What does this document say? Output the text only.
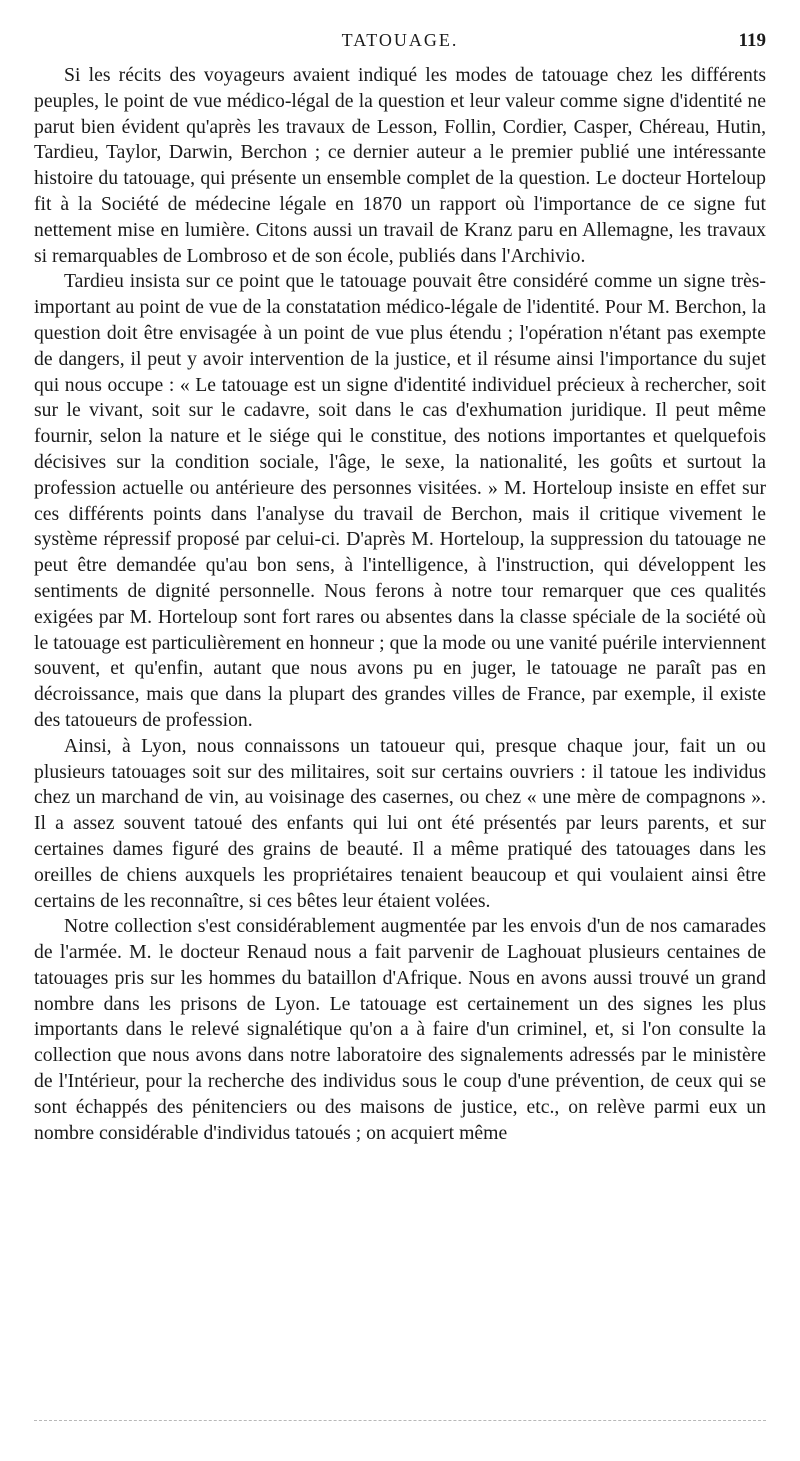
TATOUAGE.	119

Si les récits des voyageurs avaient indiqué les modes de tatouage chez les différents peuples, le point de vue médico-légal de la question et leur valeur comme signe d'identité ne parut bien évident qu'après les travaux de Lesson, Follin, Cordier, Casper, Chéreau, Hutin, Tardieu, Taylor, Darwin, Berchon ; ce dernier auteur a le premier publié une intéressante histoire du tatouage, qui présente un ensemble complet de la question. Le docteur Horteloup fit à la Société de médecine légale en 1870 un rapport où l'importance de ce signe fut nettement mise en lumière. Citons aussi un travail de Kranz paru en Allemagne, les travaux si remarquables de Lombroso et de son école, publiés dans l'Archivio.

Tardieu insista sur ce point que le tatouage pouvait être considéré comme un signe très-important au point de vue de la constatation médico-légale de l'identité. Pour M. Berchon, la question doit être envisagée à un point de vue plus étendu ; l'opération n'étant pas exempte de dangers, il peut y avoir intervention de la justice, et il résume ainsi l'importance du sujet qui nous occupe : « Le tatouage est un signe d'identité individuel précieux à rechercher, soit sur le vivant, soit sur le cadavre, soit dans le cas d'exhumation juridique. Il peut même fournir, selon la nature et le siége qui le constitue, des notions importantes et quelquefois décisives sur la condition sociale, l'âge, le sexe, la nationalité, les goûts et surtout la profession actuelle ou antérieure des personnes visitées. » M. Horteloup insiste en effet sur ces différents points dans l'analyse du travail de Berchon, mais il critique vivement le système répressif proposé par celui-ci. D'après M. Horteloup, la suppression du tatouage ne peut être demandée qu'au bon sens, à l'intelligence, à l'instruction, qui développent les sentiments de dignité personnelle. Nous ferons à notre tour remarquer que ces qualités exigées par M. Horteloup sont fort rares ou absentes dans la classe spéciale de la société où le tatouage est particulièrement en honneur ; que la mode ou une vanité puérile interviennent souvent, et qu'enfin, autant que nous avons pu en juger, le tatouage ne paraît pas en décroissance, mais que dans la plupart des grandes villes de France, par exemple, il existe des tatoueurs de profession.

Ainsi, à Lyon, nous connaissons un tatoueur qui, presque chaque jour, fait un ou plusieurs tatouages soit sur des militaires, soit sur certains ouvriers : il tatoue les individus chez un marchand de vin, au voisinage des casernes, ou chez « une mère de compagnons ». Il a assez souvent tatoué des enfants qui lui ont été présentés par leurs parents, et sur certaines dames figuré des grains de beauté. Il a même pratiqué des tatouages dans les oreilles de chiens auxquels les propriétaires tenaient beaucoup et qui voulaient ainsi être certains de les reconnaître, si ces bêtes leur étaient volées.

Notre collection s'est considérablement augmentée par les envois d'un de nos camarades de l'armée. M. le docteur Renaud nous a fait parvenir de Laghouat plusieurs centaines de tatouages pris sur les hommes du bataillon d'Afrique. Nous en avons aussi trouvé un grand nombre dans les prisons de Lyon. Le tatouage est certainement un des signes les plus importants dans le relevé signalétique qu'on a à faire d'un criminel, et, si l'on consulte la collection que nous avons dans notre laboratoire des signalements adressés par le ministère de l'Intérieur, pour la recherche des individus sous le coup d'une prévention, de ceux qui se sont échappés des pénitenciers ou des maisons de justice, etc., on relève parmi eux un nombre considérable d'individus tatoués ; on acquiert même
